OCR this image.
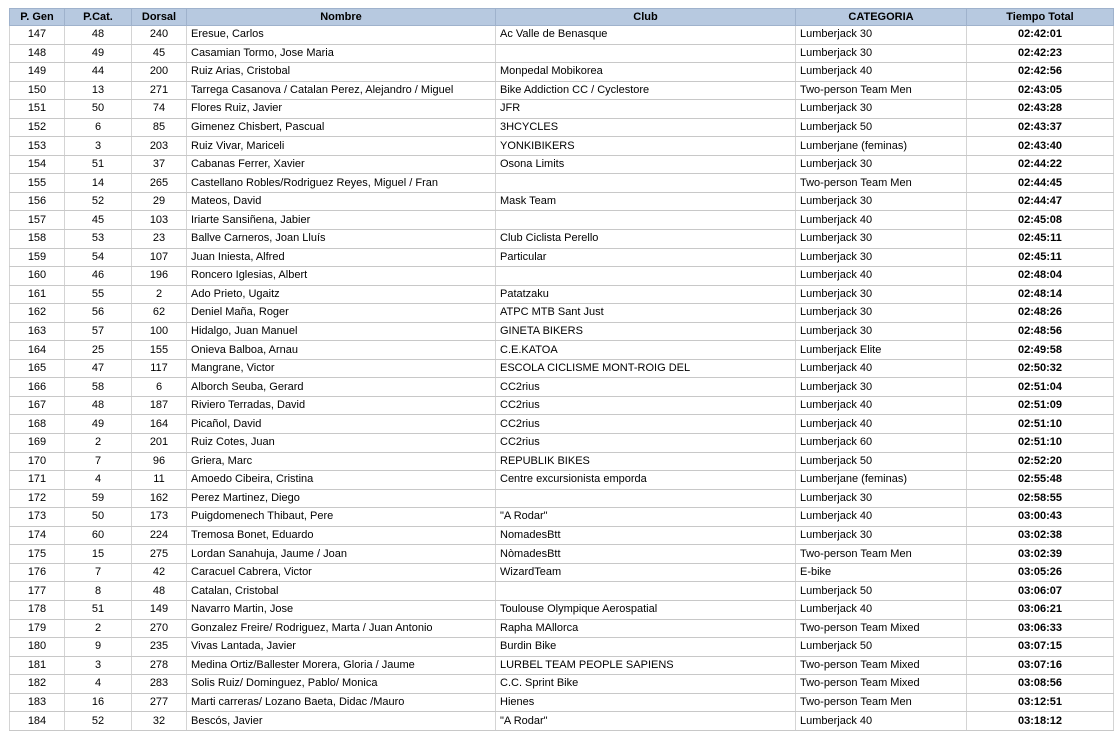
P. Gen	P.Cat.	Dorsal	Nombre	Club	CATEGORIA	Tiempo Total
147	48	240	Eresue, Carlos	Ac Valle de Benasque	Lumberjack 30	02:42:01
148	49	45	Casamian Tormo, Jose Maria		Lumberjack 30	02:42:23
149	44	200	Ruiz Arias, Cristobal	Monpedal Mobikorea	Lumberjack 40	02:42:56
150	13	271	Tarrega Casanova / Catalan Perez, Alejandro / Miguel	Bike Addiction CC / Cyclestore	Two-person Team Men	02:43:05
151	50	74	Flores Ruiz, Javier	JFR	Lumberjack 30	02:43:28
152	6	85	Gimenez Chisbert, Pascual	3HCYCLES	Lumberjack 50	02:43:37
153	3	203	Ruiz Vivar, Mariceli	YONKIBIKERS	Lumberjane (feminas)	02:43:40
154	51	37	Cabanas Ferrer, Xavier	Osona Limits	Lumberjack 30	02:44:22
155	14	265	Castellano Robles/Rodriguez Reyes, Miguel / Fran		Two-person Team Men	02:44:45
156	52	29	Mateos, David	Mask Team	Lumberjack 30	02:44:47
157	45	103	Iriarte Sansiñena, Jabier		Lumberjack 40	02:45:08
158	53	23	Ballve Carneros, Joan Lluís	Club Ciclista Perello	Lumberjack 30	02:45:11
159	54	107	Juan Iniesta, Alfred	Particular	Lumberjack 30	02:45:11
160	46	196	Roncero Iglesias, Albert		Lumberjack 40	02:48:04
161	55	2	Ado Prieto, Ugaitz	Patatzaku	Lumberjack 30	02:48:14
162	56	62	Deniel Maña, Roger	ATPC MTB Sant Just	Lumberjack 30	02:48:26
163	57	100	Hidalgo, Juan Manuel	GINETA BIKERS	Lumberjack 30	02:48:56
164	25	155	Onieva Balboa, Arnau	C.E.KATOA	Lumberjack Elite	02:49:58
165	47	117	Mangrane, Victor	ESCOLA CICLISME MONT-ROIG DEL	Lumberjack 40	02:50:32
166	58	6	Alborch Seuba, Gerard	CC2rius	Lumberjack 30	02:51:04
167	48	187	Riviero Terradas, David	CC2rius	Lumberjack 40	02:51:09
168	49	164	Picañol, David	CC2rius	Lumberjack 40	02:51:10
169	2	201	Ruiz Cotes, Juan	CC2rius	Lumberjack 60	02:51:10
170	7	96	Griera, Marc	REPUBLIK BIKES	Lumberjack 50	02:52:20
171	4	11	Amoedo Cibeira, Cristina	Centre excursionista emporda	Lumberjane (feminas)	02:55:48
172	59	162	Perez Martinez, Diego		Lumberjack 30	02:58:55
173	50	173	Puigdomenech Thibaut, Pere	"A Rodar"	Lumberjack 40	03:00:43
174	60	224	Tremosa Bonet, Eduardo	NomadesBtt	Lumberjack 30	03:02:38
175	15	275	Lordan Sanahuja, Jaume / Joan	NòmadesBtt	Two-person Team Men	03:02:39
176	7	42	Caracuel Cabrera, Victor	WizardTeam	E-bike	03:05:26
177	8	48	Catalan, Cristobal		Lumberjack 50	03:06:07
178	51	149	Navarro Martin, Jose	Toulouse Olympique Aerospatial	Lumberjack 40	03:06:21
179	2	270	Gonzalez Freire/ Rodriguez, Marta / Juan Antonio	Rapha MAllorca	Two-person Team Mixed	03:06:33
180	9	235	Vivas Lantada, Javier	Burdin Bike	Lumberjack 50	03:07:15
181	3	278	Medina Ortiz/Ballester Morera, Gloria / Jaume	LURBEL TEAM PEOPLE SAPIENS	Two-person Team Mixed	03:07:16
182	4	283	Solis Ruiz/ Dominguez, Pablo/ Monica	C.C. Sprint Bike	Two-person Team Mixed	03:08:56
183	16	277	Marti carreras/ Lozano Baeta, Didac /Mauro	Hienes	Two-person Team Men	03:12:51
184	52	32	Bescós, Javier	"A Rodar"	Lumberjack 40	03:18:12
